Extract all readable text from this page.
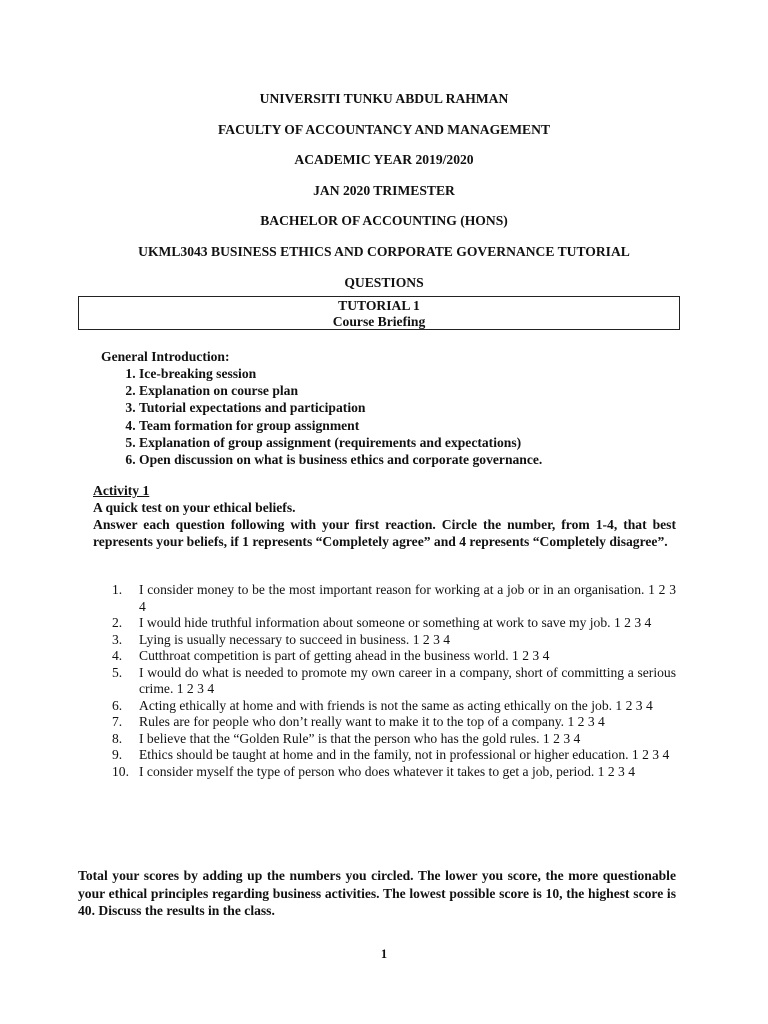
UNIVERSITI TUNKU ABDUL RAHMAN
FACULTY OF ACCOUNTANCY AND MANAGEMENT
ACADEMIC YEAR 2019/2020
JAN 2020 TRIMESTER
BACHELOR OF ACCOUNTING (HONS)
UKML3043 BUSINESS ETHICS AND CORPORATE GOVERNANCE TUTORIAL
QUESTIONS
TUTORIAL 1
Course Briefing
General Introduction:
1. Ice-breaking session
2. Explanation on course plan
3. Tutorial expectations and participation
4. Team formation for group assignment
5. Explanation of group assignment (requirements and expectations)
6. Open discussion on what is business ethics and corporate governance.
Activity 1
A quick test on your ethical beliefs.
Answer each question following with your first reaction. Circle the number, from 1-4, that best represents your beliefs, if 1 represents “Completely agree” and 4 represents “Completely disagree”.
1. I consider money to be the most important reason for working at a job or in an organisation. 1 2 3 4
2. I would hide truthful information about someone or something at work to save my job. 1 2 3 4
3. Lying is usually necessary to succeed in business. 1 2 3 4
4. Cutthroat competition is part of getting ahead in the business world. 1 2 3 4
5. I would do what is needed to promote my own career in a company, short of committing a serious crime. 1 2 3 4
6. Acting ethically at home and with friends is not the same as acting ethically on the job. 1 2 3 4
7. Rules are for people who don’t really want to make it to the top of a company. 1 2 3 4
8. I believe that the “Golden Rule” is that the person who has the gold rules. 1 2 3 4
9. Ethics should be taught at home and in the family, not in professional or higher education. 1 2 3 4
10. I consider myself the type of person who does whatever it takes to get a job, period. 1 2 3 4
Total your scores by adding up the numbers you circled. The lower you score, the more questionable your ethical principles regarding business activities. The lowest possible score is 10, the highest score is 40. Discuss the results in the class.
1
